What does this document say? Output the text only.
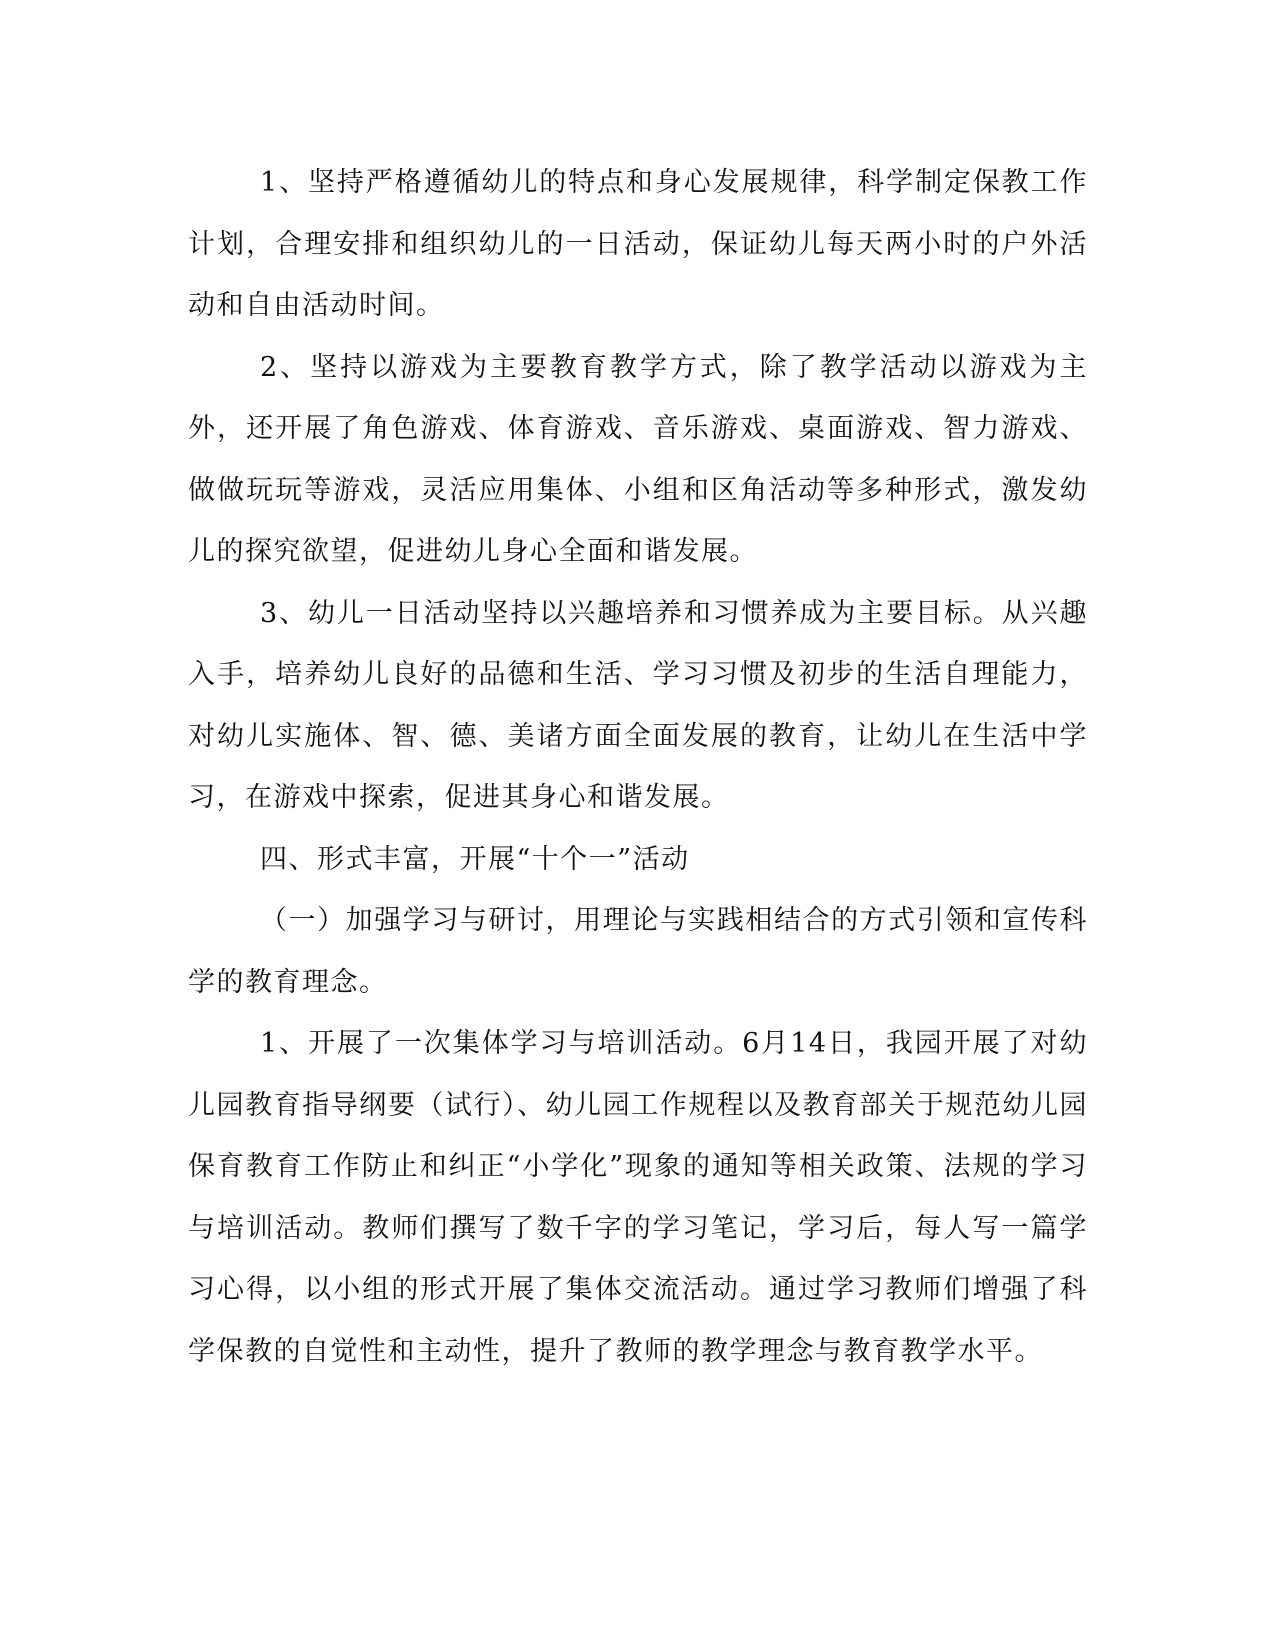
1、坚持严格遵循幼儿的特点和身心发展规律，科学制定保教工作计划，合理安排和组织幼儿的一日活动，保证幼儿每天两小时的户外活动和自由活动时间。

2、坚持以游戏为主要教育教学方式，除了教学活动以游戏为主外，还开展了角色游戏、体育游戏、音乐游戏、桌面游戏、智力游戏、做做玩玩等游戏，灵活应用集体、小组和区角活动等多种形式，激发幼儿的探究欲望，促进幼儿身心全面和谐发展。

3、幼儿一日活动坚持以兴趣培养和习惯养成为主要目标。从兴趣入手，培养幼儿良好的品德和生活、学习习惯及初步的生活自理能力，对幼儿实施体、智、德、美诸方面全面发展的教育，让幼儿在生活中学习，在游戏中探索，促进其身心和谐发展。

四、形式丰富，开展“十个一”活动

（一）加强学习与研讨，用理论与实践相结合的方式引领和宣传科学的教育理念。

1、开展了一次集体学习与培训活动。6月14日，我园开展了对幼儿园教育指导纲要（试行）、幼儿园工作规程以及教育部关于规范幼儿园保育教育工作防止和纠正“小学化”现象的通知等相关政策、法规的学习与培训活动。教师们撰写了数千字的学习笔记，学习后，每人写一篇学习心得，以小组的形式开展了集体交流活动。通过学习教师们增强了科学保教的自觉性和主动性，提升了教师的教学理念与教育教学水平。
